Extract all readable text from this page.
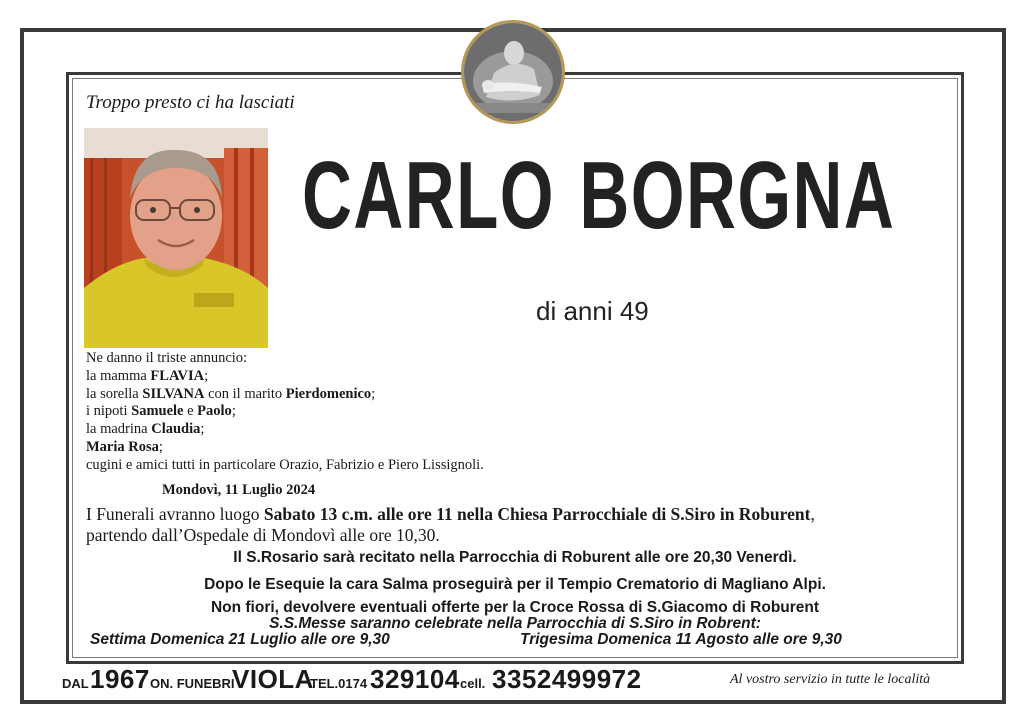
Troppo presto ci ha lasciati
CARLO BORGNA
di anni 49
Ne danno il triste annuncio:
la mamma FLAVIA;
la sorella SILVANA con il marito Pierdomenico;
i nipoti Samuele e Paolo;
la madrina Claudia;
Maria Rosa;
cugini e amici tutti in particolare Orazio, Fabrizio e Piero Lissignoli.
Mondovì, 11 Luglio 2024
I Funerali avranno luogo Sabato 13 c.m. alle ore 11 nella Chiesa Parrocchiale di S.Siro in Roburent,
partendo dall’Ospedale di Mondovì alle ore 10,30.
Il S.Rosario sarà recitato nella Parrocchia di Roburent alle ore 20,30 Venerdì.
Dopo le Esequie la cara Salma proseguirà per il Tempio Crematorio di Magliano Alpi.
Non fiori, devolvere eventuali offerte per la Croce Rossa di S.Giacomo di Roburent
S.S.Messe saranno celebrate nella Parrocchia di S.Siro in Robrent:
Settima Domenica 21 Luglio alle ore 9,30	Trigesima Domenica 11 Agosto alle ore 9,30
DAL 1967 ON. FUNEBRI
VIOLA
TEL.0174 329104 cell. 3352499972	Al vostro servizio in tutte le località
